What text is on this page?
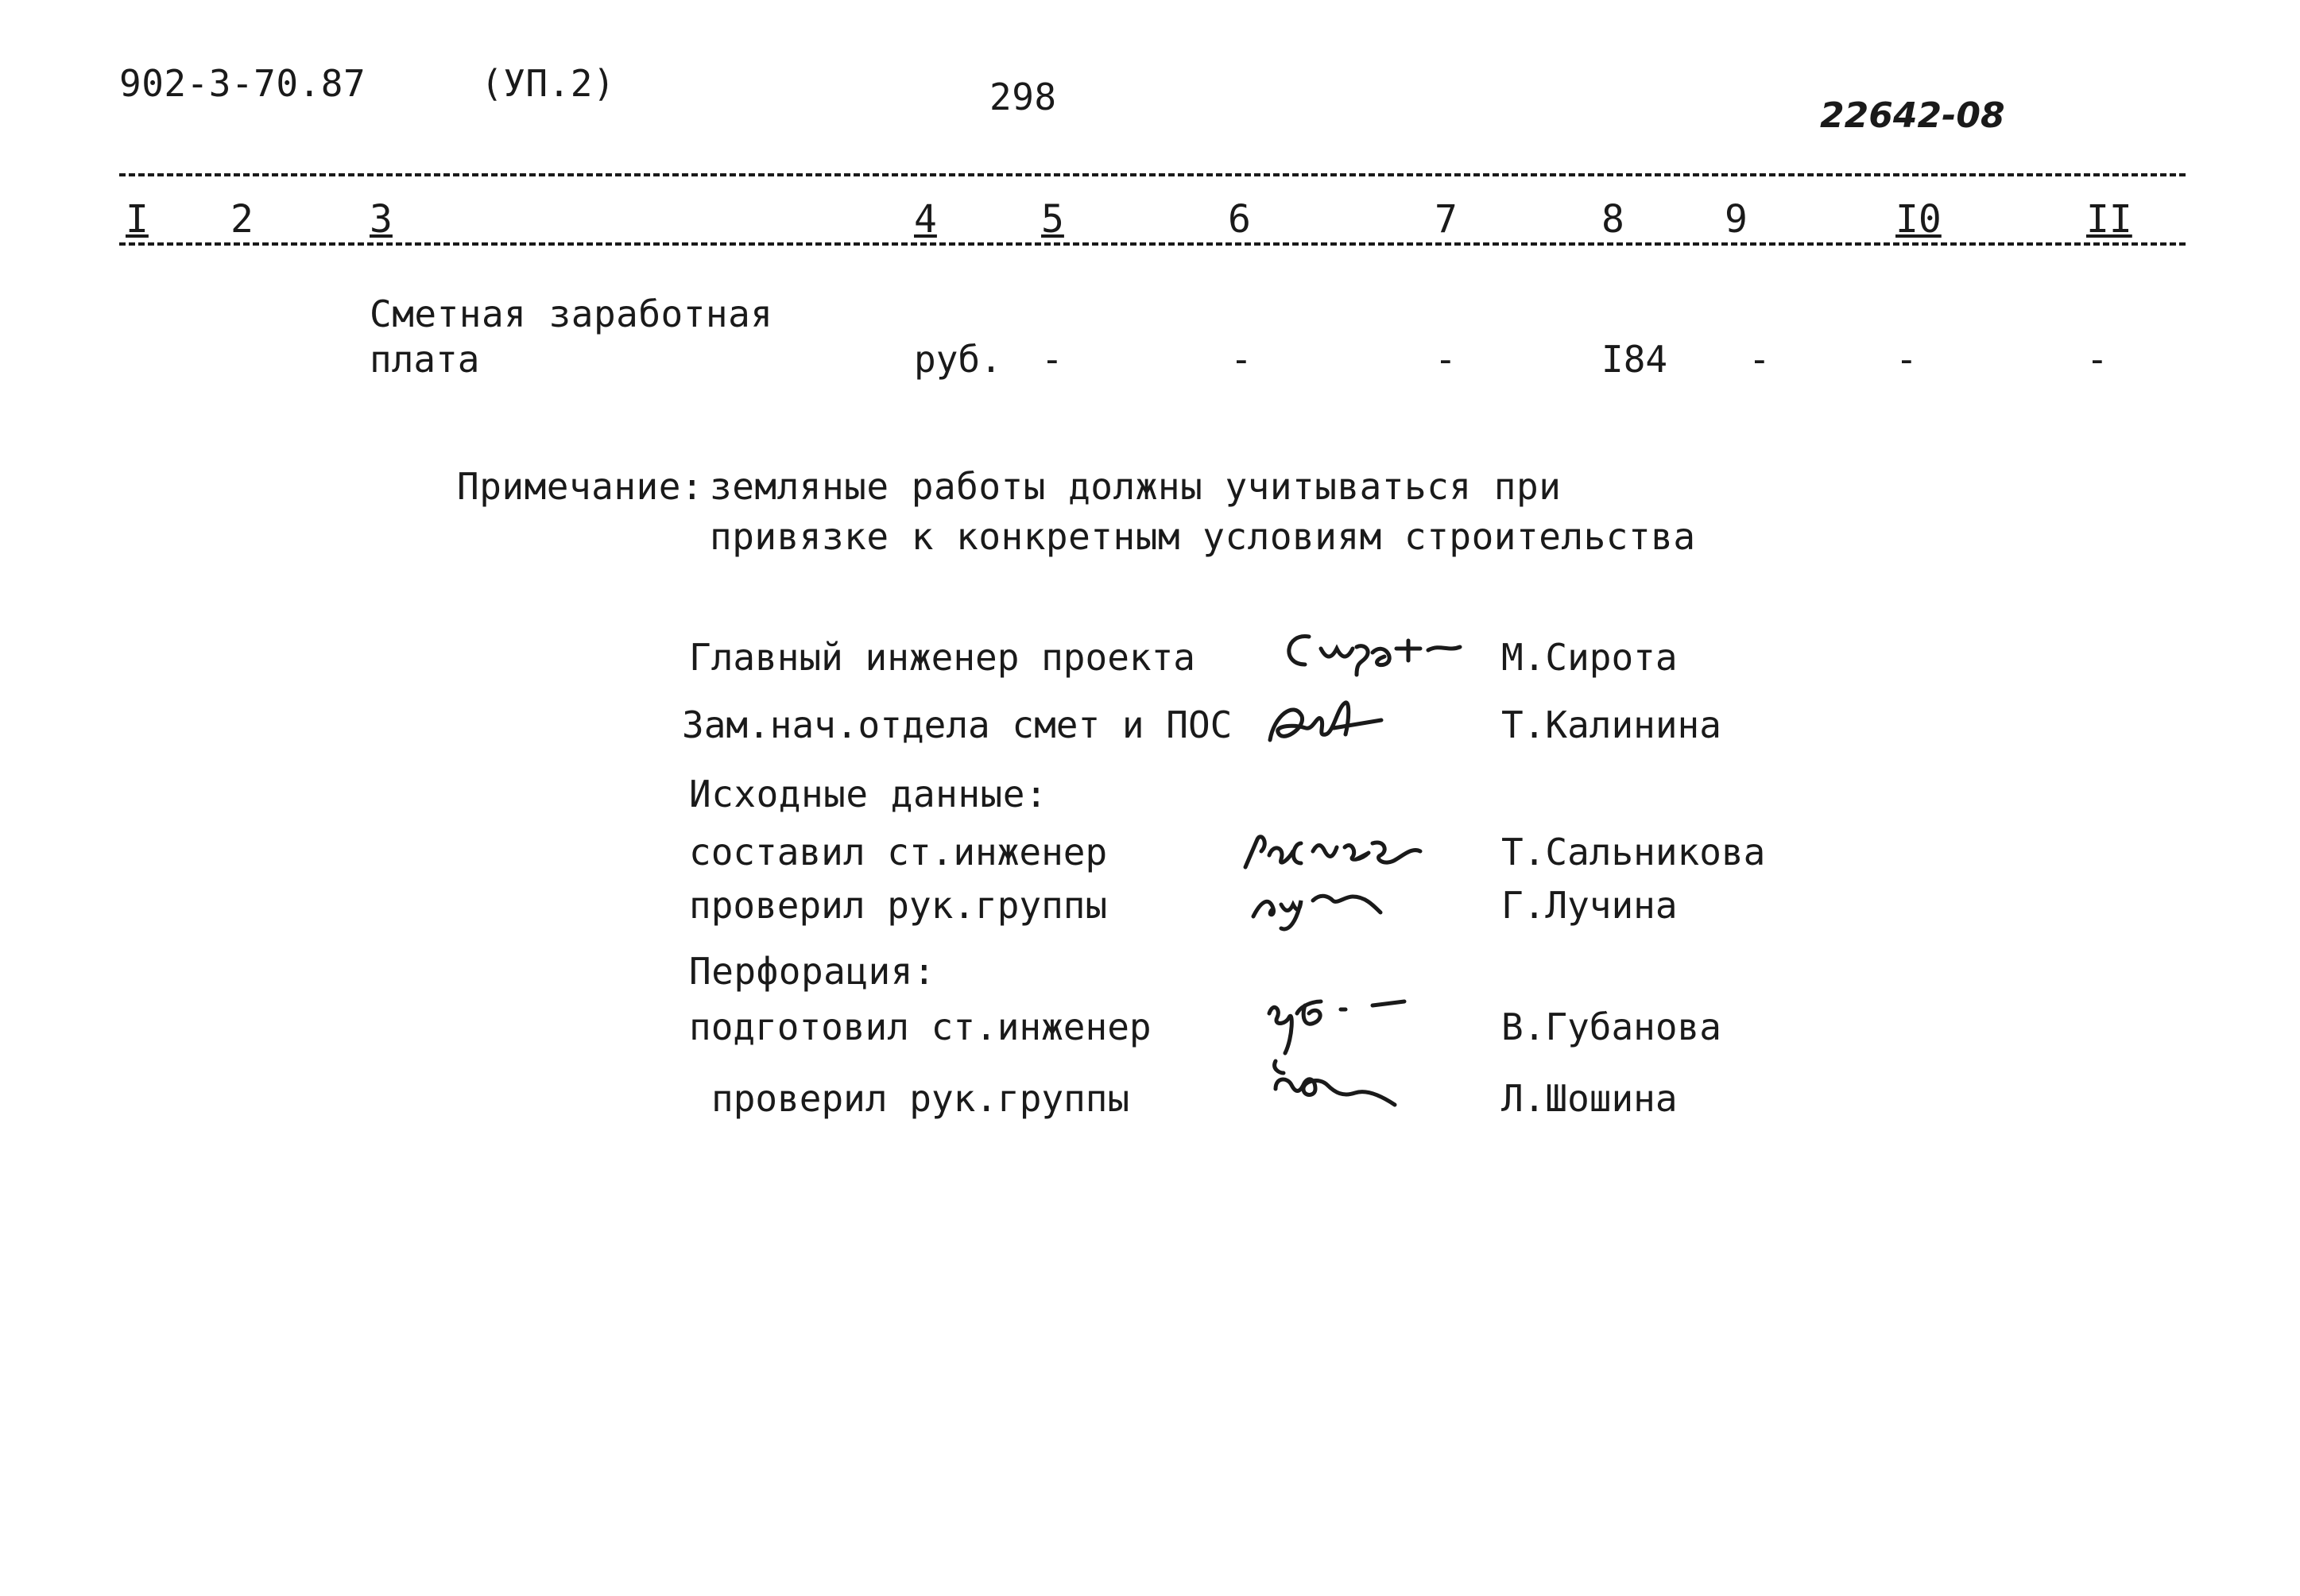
902-3-70.87	(УП.2)	298	22642-08
I 2	3	4	5	6	7	8	9	I0	II
Сметная заработная
плата	руб. -	-	-	I84 -	-	-
Примечание: земляные работы должны учитываться при
привязке к конкретным условиям строительства
Главный инженер проекта	М.Сирота
Зам.нач.отдела смет и ПОС	Т.Калинина
Исходные данные:
составил ст.инженер	Т.Сальникова
проверил рук.группы	Г.Лучина
Перфорация:
подготовил ст.инженер	В.Губанова
проверил рук.группы	Л.Шошина
